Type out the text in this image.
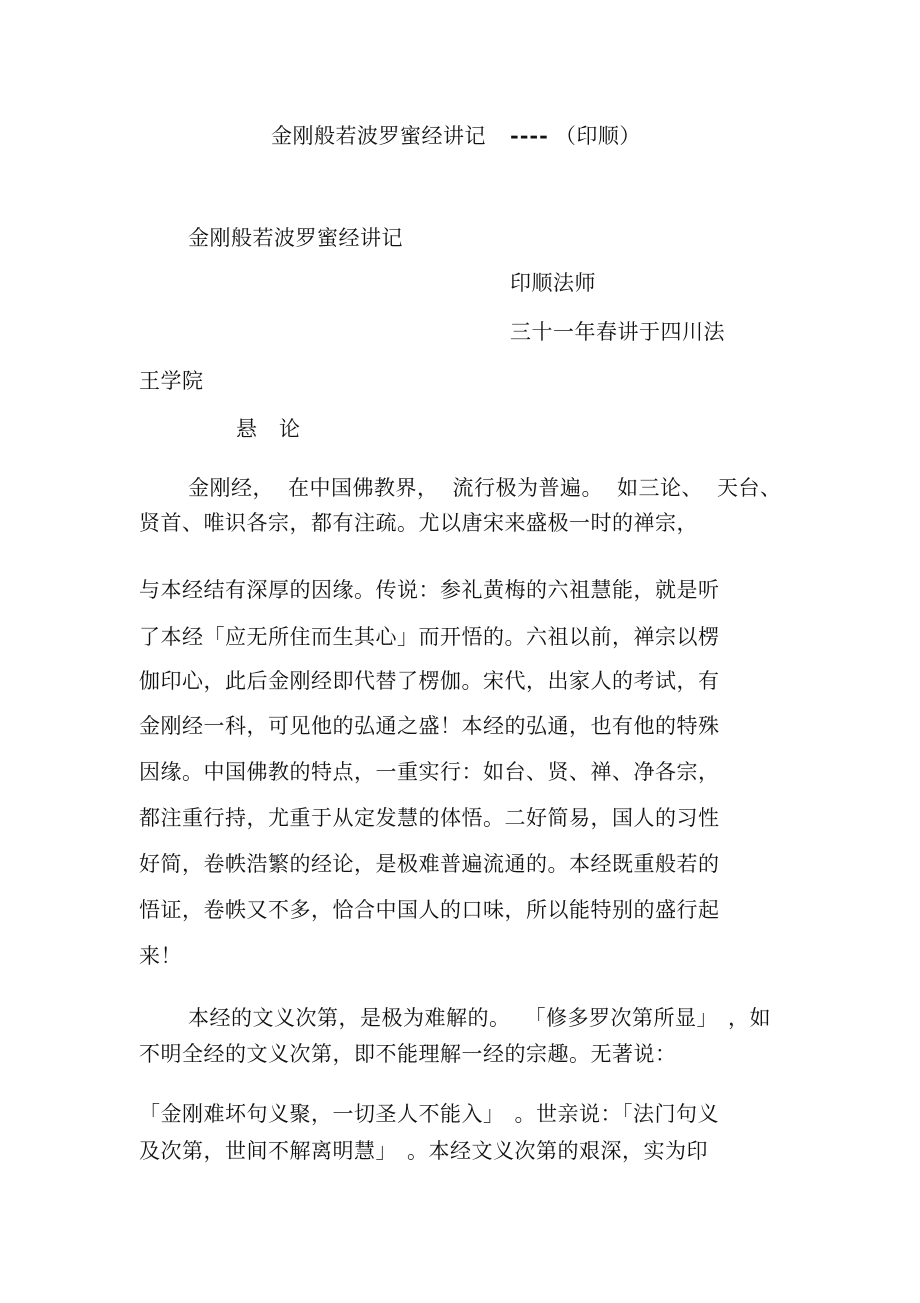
金刚般若波罗蜜经讲记 ---- （印顺）
金刚般若波罗蜜经讲记
印顺法师
三十一年春讲于四川法
王学院
悬　论
金刚经， 在中国佛教界， 流行极为普遍。 如三论、 天台、
贤首、唯识各宗，都有注疏。尤以唐宋来盛极一时的禅宗，
与本经结有深厚的因缘。传说：参礼黄梅的六祖慧能，就是听
了本经「应无所住而生其心」而开悟的。六祖以前，禅宗以楞
伽印心，此后金刚经即代替了楞伽。宋代，出家人的考试，有
金刚经一科，可见他的弘通之盛！本经的弘通，也有他的特殊
因缘。中国佛教的特点，一重实行：如台、贤、禅、净各宗，
都注重行持，尤重于从定发慧的体悟。二好简易，国人的习性
好简，卷帙浩繁的经论，是极难普遍流通的。本经既重般若的
悟证，卷帙又不多，恰合中国人的口味，所以能特别的盛行起
来！
本经的文义次第，是极为难解的。 「修多罗次第所显」 ，如
不明全经的文义次第，即不能理解一经的宗趣。无著说：
「金刚难坏句义聚，一切圣人不能入」 。世亲说：「法门句义
及次第，世间不解离明慧」 。本经文义次第的艰深，实为印
